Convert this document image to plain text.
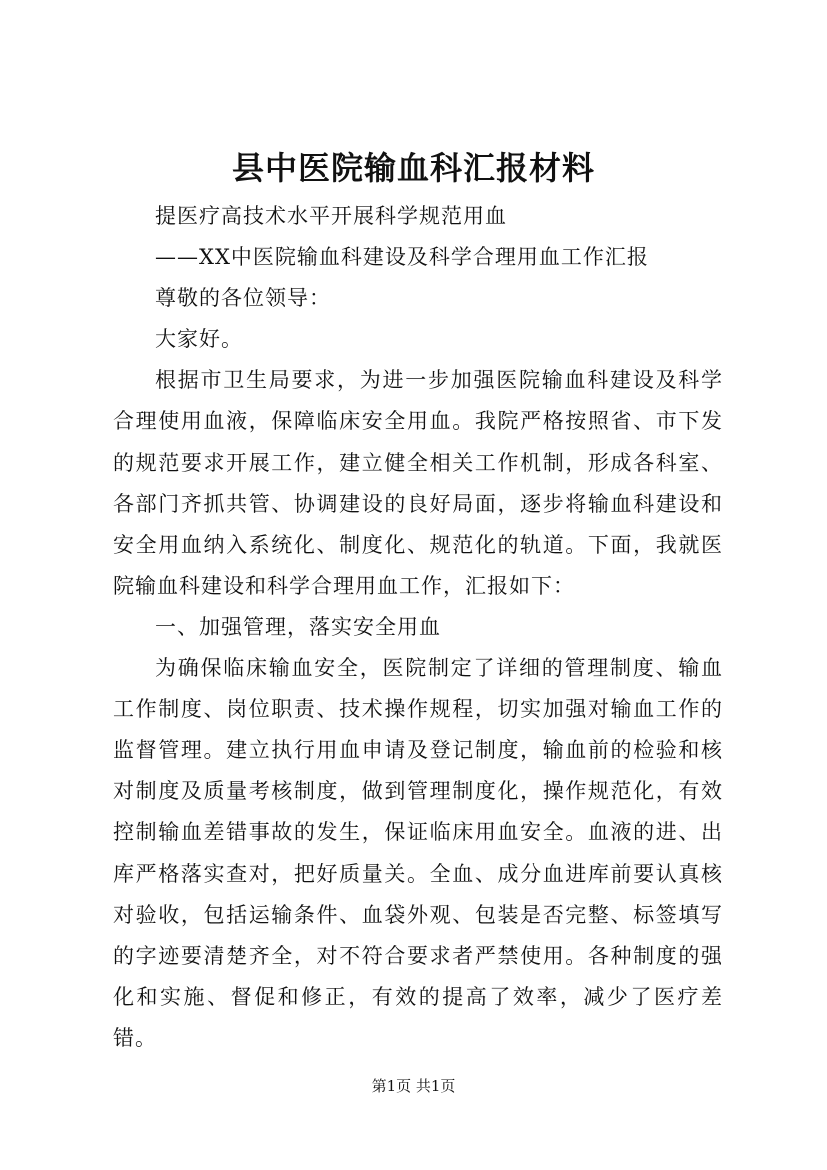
县中医院输血科汇报材料

提医疗高技术水平开展科学规范用血

——XX中医院输血科建设及科学合理用血工作汇报

尊敬的各位领导：

大家好。

根据市卫生局要求，为进一步加强医院输血科建设及科学合理使用血液，保障临床安全用血。我院严格按照省、市下发的规范要求开展工作，建立健全相关工作机制，形成各科室、各部门齐抓共管、协调建设的良好局面，逐步将输血科建设和安全用血纳入系统化、制度化、规范化的轨道。下面，我就医院输血科建设和科学合理用血工作，汇报如下：

一、加强管理，落实安全用血

为确保临床输血安全，医院制定了详细的管理制度、输血工作制度、岗位职责、技术操作规程，切实加强对输血工作的监督管理。建立执行用血申请及登记制度，输血前的检验和核对制度及质量考核制度，做到管理制度化，操作规范化，有效控制输血差错事故的发生，保证临床用血安全。血液的进、出库严格落实查对，把好质量关。全血、成分血进库前要认真核对验收，包括运输条件、血袋外观、包装是否完整、标签填写的字迹要清楚齐全，对不符合要求者严禁使用。各种制度的强化和实施、督促和修正，有效的提高了效率，减少了医疗差错。

第1页 共1页
